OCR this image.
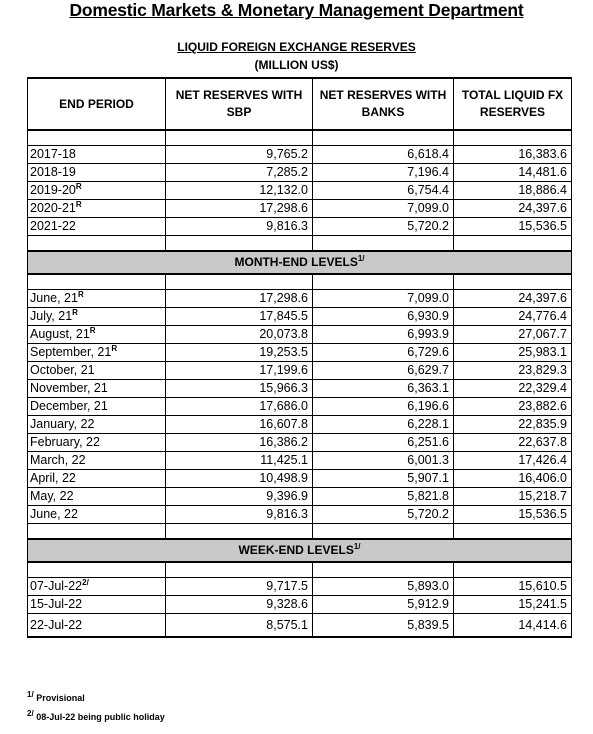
Domestic Markets & Monetary Management Department
LIQUID FOREIGN EXCHANGE RESERVES
(MILLION US$)
END PERIOD	NET RESERVES WITH SBP	NET RESERVES WITH BANKS	TOTAL LIQUID FX RESERVES

2017-18	9,765.2	6,618.4	16,383.6
2018-19	7,285.2	7,196.4	14,481.6
$2019-20^R$	12,132.0	6,754.4	18,886.4
$2020-21^R$	17,298.6	7,099.0	24,397.6
2021-22	9,816.3	5,720.2	15,536.5

MONTH-END $LEVELS^{1/}$

June, $21^R$	17,298.6	7,099.0	24,397.6
July, $21^R$	17,845.5	6,930.9	24,776.4
August, $21^R$	20,073.8	6,993.9	27,067.7
September, $21^R$	19,253.5	6,729.6	25,983.1
October, 21	17,199.6	6,629.7	23,829.3
November, 21	15,966.3	6,363.1	22,329.4
December, 21	17,686.0	6,196.6	23,882.6
January, 22	16,607.8	6,228.1	22,835.9
February, 22	16,386.2	6,251.6	22,637.8
March, 22	11,425.1	6,001.3	17,426.4
April, 22	10,498.9	5,907.1	16,406.0
May, 22	9,396.9	5,821.8	15,218.7
June, 22	9,816.3	5,720.2	15,536.5

WEEK-END $LEVELS^{1/}$

$07-Jul-22^{2/}$	9,717.5	5,893.0	15,610.5
15-Jul-22	9,328.6	5,912.9	15,241.5
22-Jul-22	8,575.1	5,839.5	14,414.6
$^{1/}$ Provisional
$^{2/}$ 08-Jul-22 being public holiday
